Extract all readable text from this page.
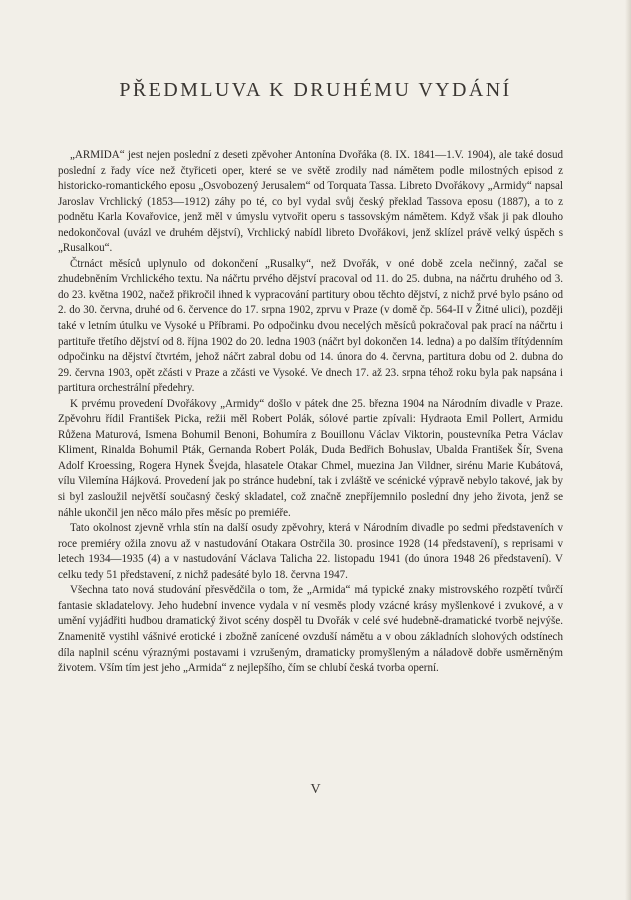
PŘEDMLUVA K DRUHÉMU VYDÁNÍ

„ARMIDA“ jest nejen poslední z deseti zpěvoher Antonína Dvořáka (8. IX. 1841—1.V. 1904), ale také dosud poslední z řady více než čtyřiceti oper, které se ve světě zrodily nad námětem podle milostných episod z historicko-romantického eposu „Osvobozený Jerusalem“ od Torquata Tassa. Libreto Dvořákovy „Armidy“ napsal Jaroslav Vrchlický (1853—1912) záhy po té, co byl vydal svůj český překlad Tassova eposu (1887), a to z podnětu Karla Kovařovice, jenž měl v úmyslu vytvořit operu s tassovským námětem. Když však ji pak dlouho nedokončoval (uvázl ve druhém dějství), Vrchlický nabídl libreto Dvořákovi, jenž sklízel právě velký úspěch s „Rusalkou“.

Čtrnáct měsíců uplynulo od dokončení „Rusalky“, než Dvořák, v oné době zcela nečinný, začal se zhudebněním Vrchlického textu. Na náčrtu prvého dějství pracoval od 11. do 25. dubna, na náčrtu druhého od 3. do 23. května 1902, načež přikročil ihned k vypracování partitury obou těchto dějství, z nichž prvé bylo psáno od 2. do 30. června, druhé od 6. července do 17. srpna 1902, zprvu v Praze (v domě čp. 564-II v Žitné ulici), později také v letním útulku ve Vysoké u Příbrami. Po odpočinku dvou necelých měsíců pokračoval pak prací na náčrtu i partituře třetího dějství od 8. října 1902 do 20. ledna 1903 (náčrt byl dokončen 14. ledna) a po dalším třítýdenním odpočinku na dějství čtvrtém, jehož náčrt zabral dobu od 14. února do 4. června, partitura dobu od 2. dubna do 29. června 1903, opět zčásti v Praze a zčásti ve Vysoké. Ve dnech 17. až 23. srpna téhož roku byla pak napsána i partitura orchestrální předehry.

K prvému provedení Dvořákovy „Armidy“ došlo v pátek dne 25. března 1904 na Národním divadle v Praze. Zpěvohru řídil František Picka, režii měl Robert Polák, sólové partie zpívali: Hydraota Emil Pollert, Armidu Růžena Maturová, Ismena Bohumil Benoni, Bohumíra z Bouillonu Václav Viktorin, poustevníka Petra Václav Kliment, Rinalda Bohumil Pták, Gernanda Robert Polák, Duda Bedřich Bohuslav, Ubalda František Šír, Svena Adolf Kroessing, Rogera Hynek Švejda, hlasatele Otakar Chmel, muezina Jan Vildner, sirénu Marie Kubátová, vílu Vilemína Hájková. Provedení jak po stránce hudební, tak i zvláště ve scénické výpravě nebylo takové, jak by si byl zasloužil největší současný český skladatel, což značně znepříjemnilo poslední dny jeho života, jenž se náhle ukončil jen něco málo přes měsíc po premiéře.

Tato okolnost zjevně vrhla stín na další osudy zpěvohry, která v Národním divadle po sedmi představeních v roce premiéry ožila znovu až v nastudování Otakara Ostrčila 30. prosince 1928 (14 představení), s reprisami v letech 1934—1935 (4) a v nastudování Václava Talicha 22. listopadu 1941 (do února 1948 26 představení). V celku tedy 51 představení, z nichž padesáté bylo 18. června 1947.

Všechna tato nová studování přesvědčila o tom, že „Armida“ má typické znaky mistrovského rozpětí tvůrčí fantasie skladatelovy. Jeho hudební invence vydala v ní vesměs plody vzácné krásy myšlenkové i zvukové, a v umění vyjádřiti hudbou dramatický život scény dospěl tu Dvořák v celé své hudebně-dramatické tvorbě nejvýše. Znamenitě vystihl vášnivé erotické i zbožně zanícené ovzduší námětu a v obou základních slohových odstínech díla naplnil scénu výraznými postavami i vzrušeným, dramaticky promyšleným a náladově dobře usměrněným životem. Vším tím jest jeho „Armida“ z nejlepšího, čím se chlubí česká tvorba operní.

V
